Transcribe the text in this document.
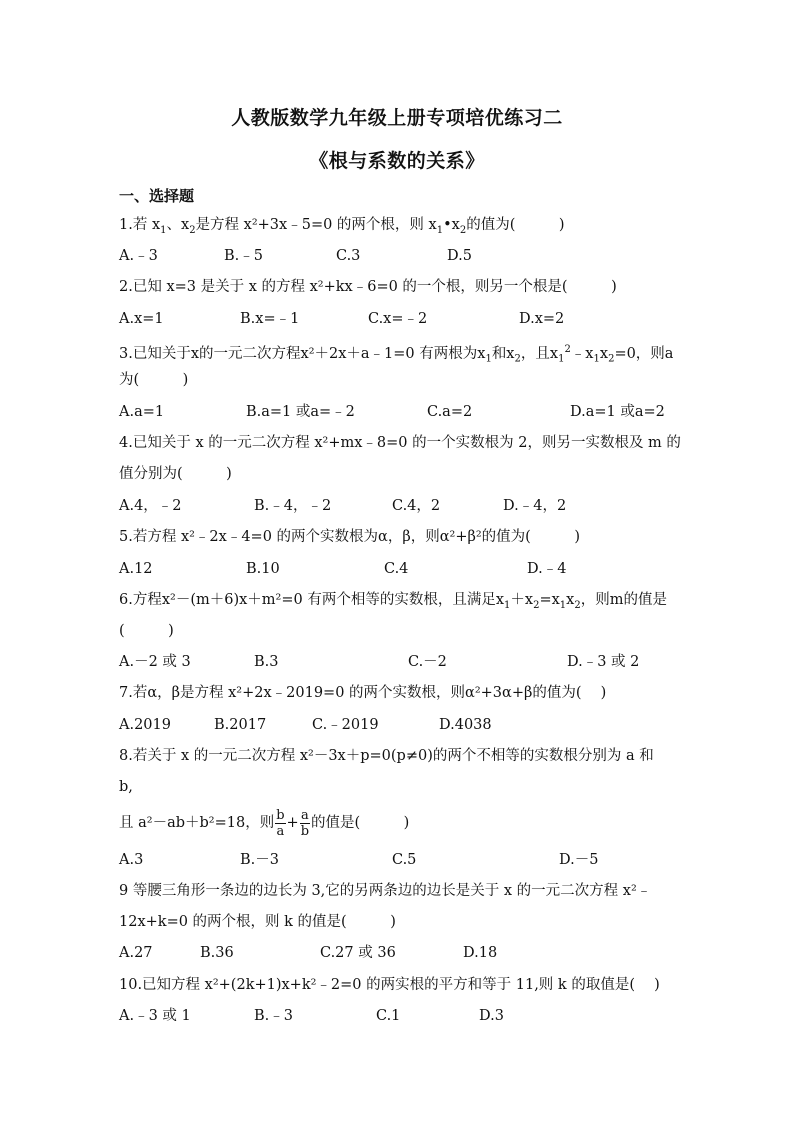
人教版数学九年级上册专项培优练习二
《根与系数的关系》
一、选择题
1.若 $x_1$、$x_2$是方程 x²+3x﹣5=0 的两个根，则 $x_1•x_2$的值为(　　　)
A.﹣3	B.﹣5	C.3	D.5
2.已知 x=3 是关于 x 的方程 x²+kx﹣6=0 的一个根，则另一个根是(　　　)
A.x=1	B.x=﹣1	C.x=﹣2	D.x=2
3.已知关于x的一元二次方程x²＋2x＋a﹣1=0 有两根为$x_1$和$x_2$，且$x_1^2﹣x_1x_2=0$，则a
为(　　　)
A.a=1	B.a=1 或a=﹣2	C.a=2	D.a=1 或a=2
4.已知关于 x 的一元二次方程 x²+mx﹣8=0 的一个实数根为 2，则另一实数根及 m 的
值分别为(　　　)
A.4，﹣2	B.﹣4，﹣2	C.4，2	D.﹣4，2
5.若方程 x²﹣2x﹣4=0 的两个实数根为α，β，则α²+β²的值为(　　　)
A.12	B.10	C.4	D.﹣4
6.方程x²－(m＋6)x＋m²=0 有两个相等的实数根，且满足$x_1+x_2=x_1x_2$，则m的值是
(　　　)
A.－2 或 3	B.3	C.－2	D.﹣3 或 2
7.若α，β是方程 x²+2x﹣2019=0 的两个实数根，则α²+3α+β的值为(　 )
A.2019	B.2017	C.﹣2019	D.4038
8.若关于 x 的一元二次方程 x²－3x＋p=0(p≠0)的两个不相等的实数根分别为 a 和
b,
且 a²－ab＋b²=18，则 $\frac{b}{a} + \frac{a}{b}$ 的值是(　　　)
A.3	B.－3	C.5	D.－5
9 等腰三角形一条边的边长为 3,它的另两条边的边长是关于 x 的一元二次方程 x²﹣
12x+k=0 的两个根，则 k 的值是(　　　)
A.27	B.36	C.27 或 36	D.18
10.已知方程 x²+(2k+1)x+k²﹣2=0 的两实根的平方和等于 11,则 k 的取值是(　 )
A.﹣3 或 1	B.﹣3	C.1	D.3
